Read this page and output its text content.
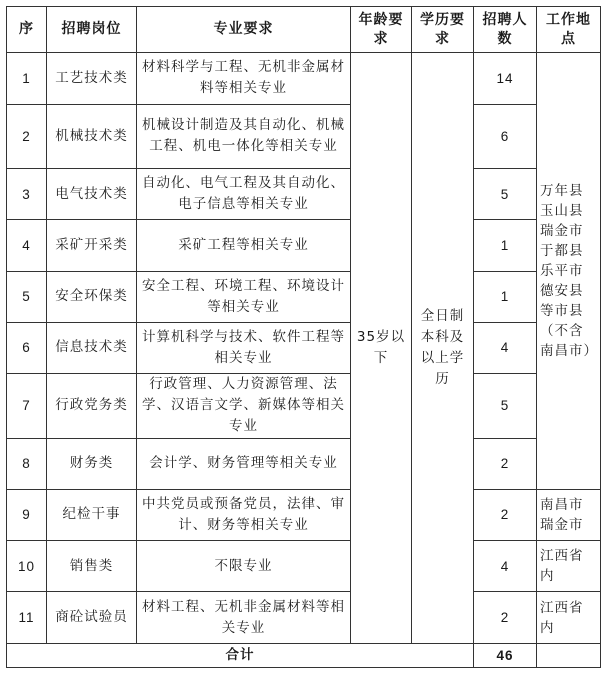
序	招聘岗位	专业要求	年龄要求	学历要求	招聘人数	工作地点
1	工艺技术类	材料科学与工程、无机非金属材料等相关专业	35岁以下	全日制本科及以上学历	14	万年县玉山县瑞金市于都县乐平市德安县等市县（不含南昌市）
2	机械技术类	机械设计制造及其自动化、机械工程、机电一体化等相关专业			6	
3	电气技术类	自动化、电气工程及其自动化、电子信息等相关专业			5	
4	采矿开采类	采矿工程等相关专业			1	
5	安全环保类	安全工程、环境工程、环境设计等相关专业			1	
6	信息技术类	计算机科学与技术、软件工程等相关专业			4	
7	行政党务类	行政管理、人力资源管理、法学、汉语言文学、新媒体等相关专业			5	
8	财务类	会计学、财务管理等相关专业			2	
9	纪检干事	中共党员或预备党员，法律、审计、财务等相关专业			2	南昌市瑞金市
10	销售类	不限专业			4	江西省内
11	商砼试验员	材料工程、无机非金属材料等相关专业			2	江西省内
合计					46	
